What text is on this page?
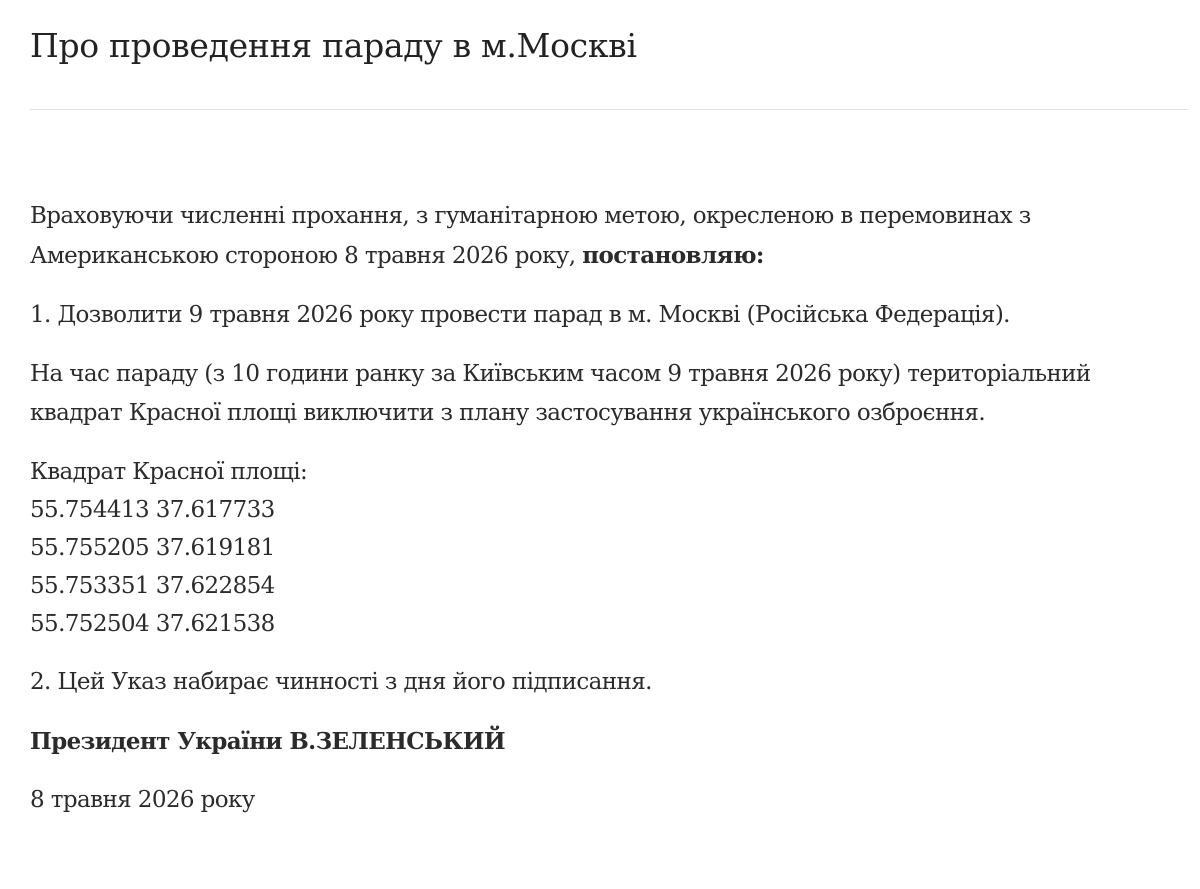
Про проведення параду в м.Москві

Враховуючи численні прохання, з гуманітарною метою, окресленою в перемовинах з Американською стороною 8 травня 2026 року, постановляю:

1. Дозволити 9 травня 2026 року провести парад в м. Москві (Російська Федерація).

На час параду (з 10 години ранку за Київським часом 9 травня 2026 року) територіальний квадрат Красної площі виключити з плану застосування українського озброєння.

Квадрат Красної площі:
55.754413 37.617733
55.755205 37.619181
55.753351 37.622854
55.752504 37.621538

2. Цей Указ набирає чинності з дня його підписання.

Президент України В.ЗЕЛЕНСЬКИЙ

8 травня 2026 року
